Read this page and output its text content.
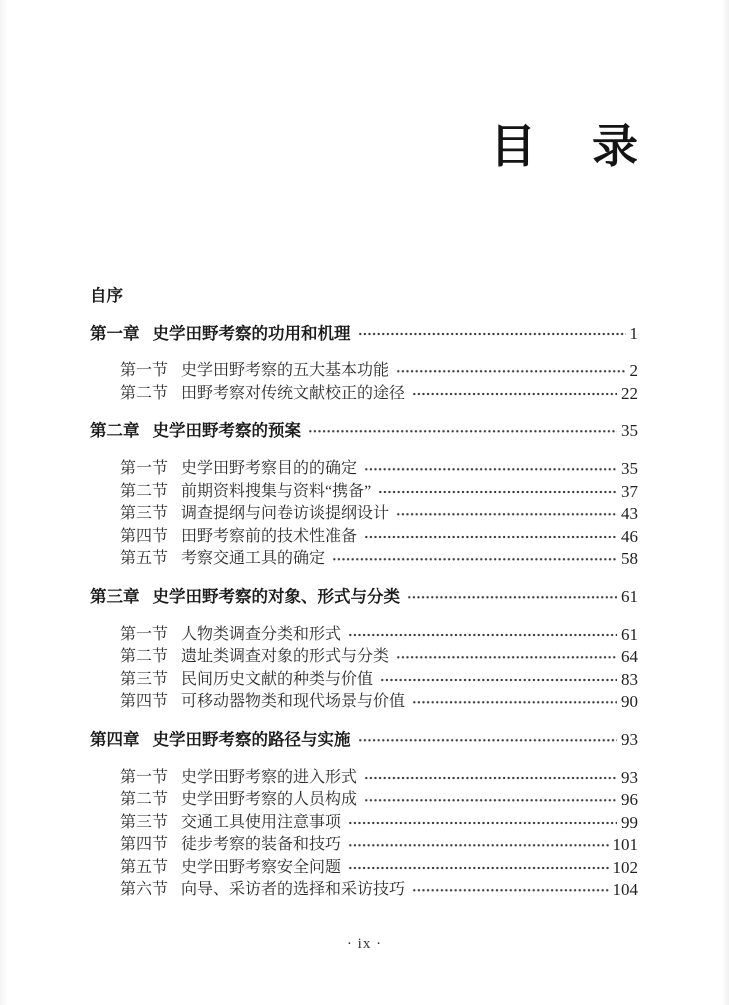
目 录
自序
第一章 史学田野考察的功用和机理	1
第一节 史学田野考察的五大基本功能	2
第二节 田野考察对传统文献校正的途径	22
第二章 史学田野考察的预案	35
第一节 史学田野考察目的的确定	35
第二节 前期资料搜集与资料“携备”	37
第三节 调查提纲与问卷访谈提纲设计	43
第四节 田野考察前的技术性准备	46
第五节 考察交通工具的确定	58
第三章 史学田野考察的对象、形式与分类	61
第一节 人物类调查分类和形式	61
第二节 遗址类调查对象的形式与分类	64
第三节 民间历史文献的种类与价值	83
第四节 可移动器物类和现代场景与价值	90
第四章 史学田野考察的路径与实施	93
第一节 史学田野考察的进入形式	93
第二节 史学田野考察的人员构成	96
第三节 交通工具使用注意事项	99
第四节 徒步考察的装备和技巧	101
第五节 史学田野考察安全问题	102
第六节 向导、采访者的选择和采访技巧	104
· ix ·
